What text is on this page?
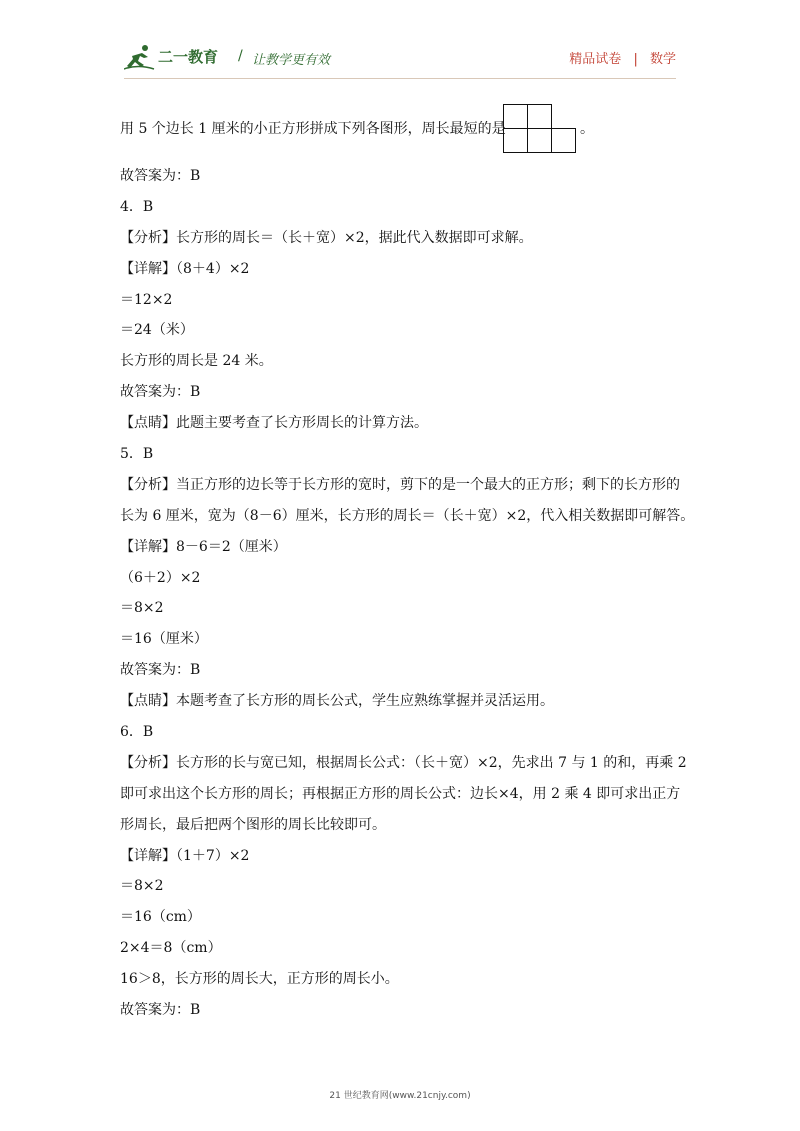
二一教育 / 让教学更有效	精品试卷 | 数学
用 5 个边长 1 厘米的小正方形拼成下列各图形，周长最短的是	。
故答案为：B
4．B
【分析】长方形的周长＝（长＋宽）×2，据此代入数据即可求解。
【详解】（8＋4）×2
＝12×2
＝24（米）
长方形的周长是 24 米。
故答案为：B
【点睛】此题主要考查了长方形周长的计算方法。
5．B
【分析】当正方形的边长等于长方形的宽时，剪下的是一个最大的正方形；剩下的长方形的
长为 6 厘米，宽为（8－6）厘米，长方形的周长＝（长＋宽）×2，代入相关数据即可解答。
【详解】8－6＝2（厘米）
（6＋2）×2
＝8×2
＝16（厘米）
故答案为：B
【点睛】本题考查了长方形的周长公式，学生应熟练掌握并灵活运用。
6．B
【分析】长方形的长与宽已知，根据周长公式：（长＋宽）×2，先求出 7 与 1 的和，再乘 2
即可求出这个长方形的周长；再根据正方形的周长公式：边长×4，用 2 乘 4 即可求出正方
形周长，最后把两个图形的周长比较即可。
【详解】（1＋7）×2
＝8×2
＝16（cm）
2×4＝8（cm）
16＞8，长方形的周长大，正方形的周长小。
故答案为：B
21 世纪教育网(www.21cnjy.com)
